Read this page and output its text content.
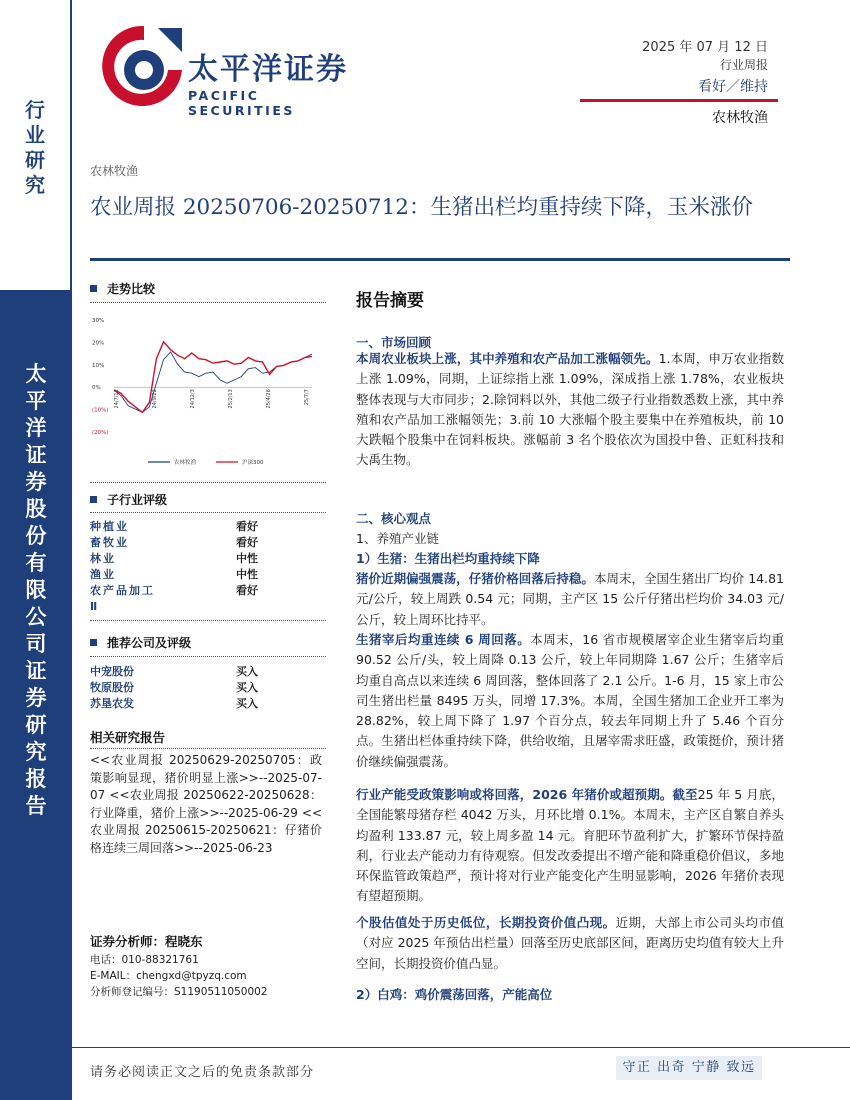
行
业
研
究
太
平
洋
证
券
股
份
有
限
公
司
证
券
研
究
报
告
太平洋证券
PACIFIC SECURITIES
2025 年 07 月 12 日
行业周报
看好／维持
农林牧渔
农林牧渔
农业周报 20250706-20250712：生猪出栏均重持续下降，玉米涨价
走势比较
30%
20%
10%
0%
(10%)
(20%)
24/7/12	24/9/22	24/12/3	25/2/13	25/4/26	25/7/7
农林牧渔	沪深300
子行业评级
种植业	看好
畜牧业	看好
林业	中性
渔业	中性
农产品加工	看好
Ⅱ
推荐公司及评级
中宠股份	买入
牧原股份	买入
苏垦农发	买入
相关研究报告
<<农业周报 20250629-20250705：政策影响显现，猪价明显上涨>>--2025-07-07 <<农业周报 20250622-20250628：行业降重，猪价上涨>>--2025-06-29 <<农业周报 20250615-20250621：仔猪价格连续三周回落>>--2025-06-23
证券分析师：程晓东
电话：010-88321761
E-MAIL：chengxd@tpyzq.com
分析师登记编号：S1190511050002
报告摘要
一、市场回顾
本周农业板块上涨，其中养殖和农产品加工涨幅领先。1.本周，申万农业指数上涨 1.09%，同期，上证综指上涨 1.09%，深成指上涨 1.78%，农业板块整体表现与大市同步；2.除饲料以外，其他二级子行业指数悉数上涨，其中养殖和农产品加工涨幅领先；3.前 10 大涨幅个股主要集中在养殖板块，前 10 大跌幅个股集中在饲料板块。涨幅前 3 名个股依次为国投中鲁、正虹科技和大禹生物。
二、核心观点
1、养殖产业链
1）生猪：生猪出栏均重持续下降
猪价近期偏强震荡，仔猪价格回落后持稳。本周末，全国生猪出厂均价 14.81 元/公斤，较上周跌 0.54 元；同期，主产区 15 公斤仔猪出栏均价 34.03 元/公斤，较上周环比持平。
生猪宰后均重连续 6 周回落。本周末，16 省市规模屠宰企业生猪宰后均重 90.52 公斤/头，较上周降 0.13 公斤，较上年同期降 1.67 公斤；生猪宰后均重自高点以来连续 6 周回落，整体回落了 2.1 公斤。1-6 月，15 家上市公司生猪出栏量 8495 万头，同增 17.3%。本周，全国生猪加工企业开工率为 28.82%，较上周下降了 1.97 个百分点，较去年同期上升了 5.46 个百分点。生猪出栏体重持续下降，供给收缩，且屠宰需求旺盛，政策挺价，预计猪价继续偏强震荡。
行业产能受政策影响或将回落，2026 年猪价或超预期。截至25 年 5 月底，全国能繁母猪存栏 4042 万头，月环比增 0.1%。本周末，主产区自繁自养头均盈利 133.87 元，较上周多盈 14 元。育肥环节盈利扩大，扩繁环节保持盈利，行业去产能动力有待观察。但发改委提出不增产能和降重稳价倡议，多地环保监管政策趋严，预计将对行业产能变化产生明显影响，2026 年猪价表现有望超预期。
个股估值处于历史低位，长期投资价值凸现。近期，大部上市公司头均市值（对应 2025 年预估出栏量）回落至历史底部区间，距离历史均值有较大上升空间，长期投资价值凸显。
2）白鸡：鸡价震荡回落，产能高位
请务必阅读正文之后的免责条款部分	守正 出奇 宁静 致远
